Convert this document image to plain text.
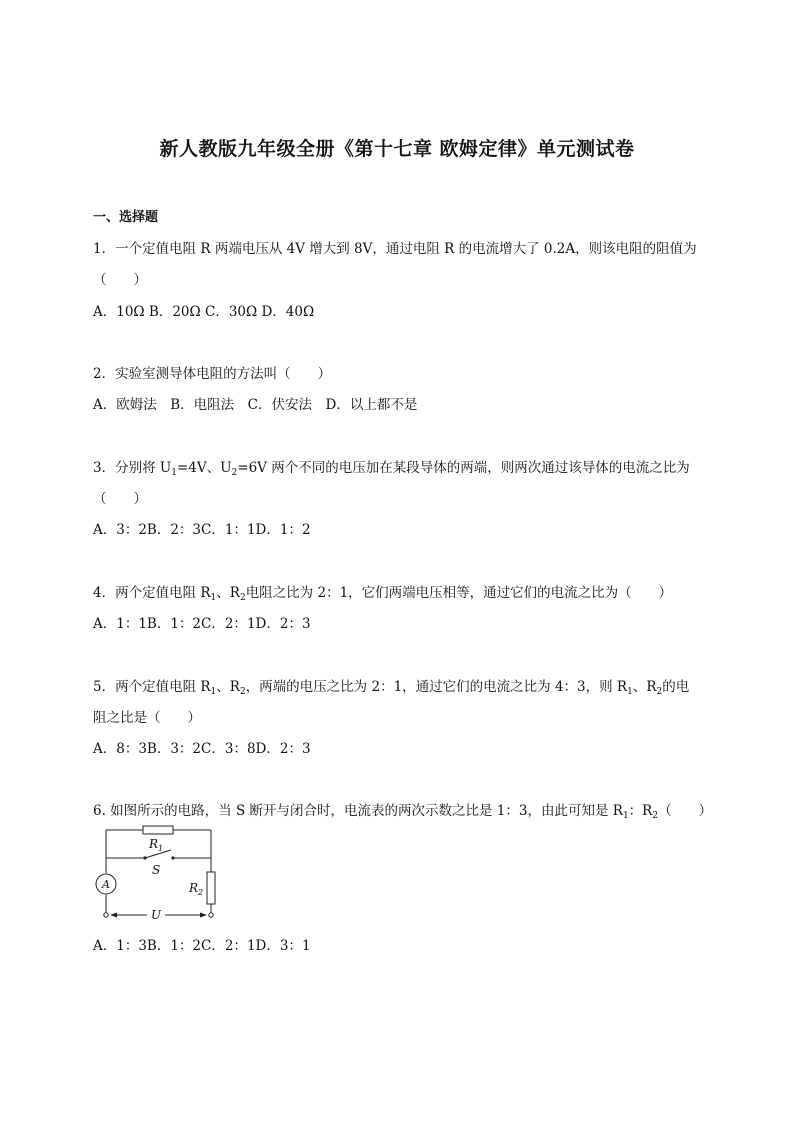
新人教版九年级全册《第十七章 欧姆定律》单元测试卷
一、选择题
1．一个定值电阻 R 两端电压从 4V 增大到 8V，通过电阻 R 的电流增大了 0.2A，则该电阻的阻值为
（　　）
A．10Ω B．20Ω C．30Ω D．40Ω
2．实验室测导体电阻的方法叫（　　）
A．欧姆法　B．电阻法　C．伏安法　D．以上都不是
3．分别将 $U_1=4V$、$U_2=6V$ 两个不同的电压加在某段导体的两端，则两次通过该导体的电流之比为
（　　）
A．3：2B．2：3C．1：1D．1：2
4．两个定值电阻 $R_1$、$R_2$电阻之比为 2：1，它们两端电压相等，通过它们的电流之比为（　　）
A．1：1B．1：2C．2：1D．2：3
5．两个定值电阻 $R_1$、$R_2$，两端的电压之比为 2：1，通过它们的电流之比为 4：3，则 $R_1$、$R_2$的电
阻之比是（　　）
A．8：3B．3：2C．3：8D．2：3
6. 如图所示的电路，当 S 断开与闭合时，电流表的两次示数之比是 1：3，由此可知是 $R_1$：$R_2$（　　）
$R_1$
S
A	$R_2$
U
A．1：3B．1：2C．2：1D．3：1
